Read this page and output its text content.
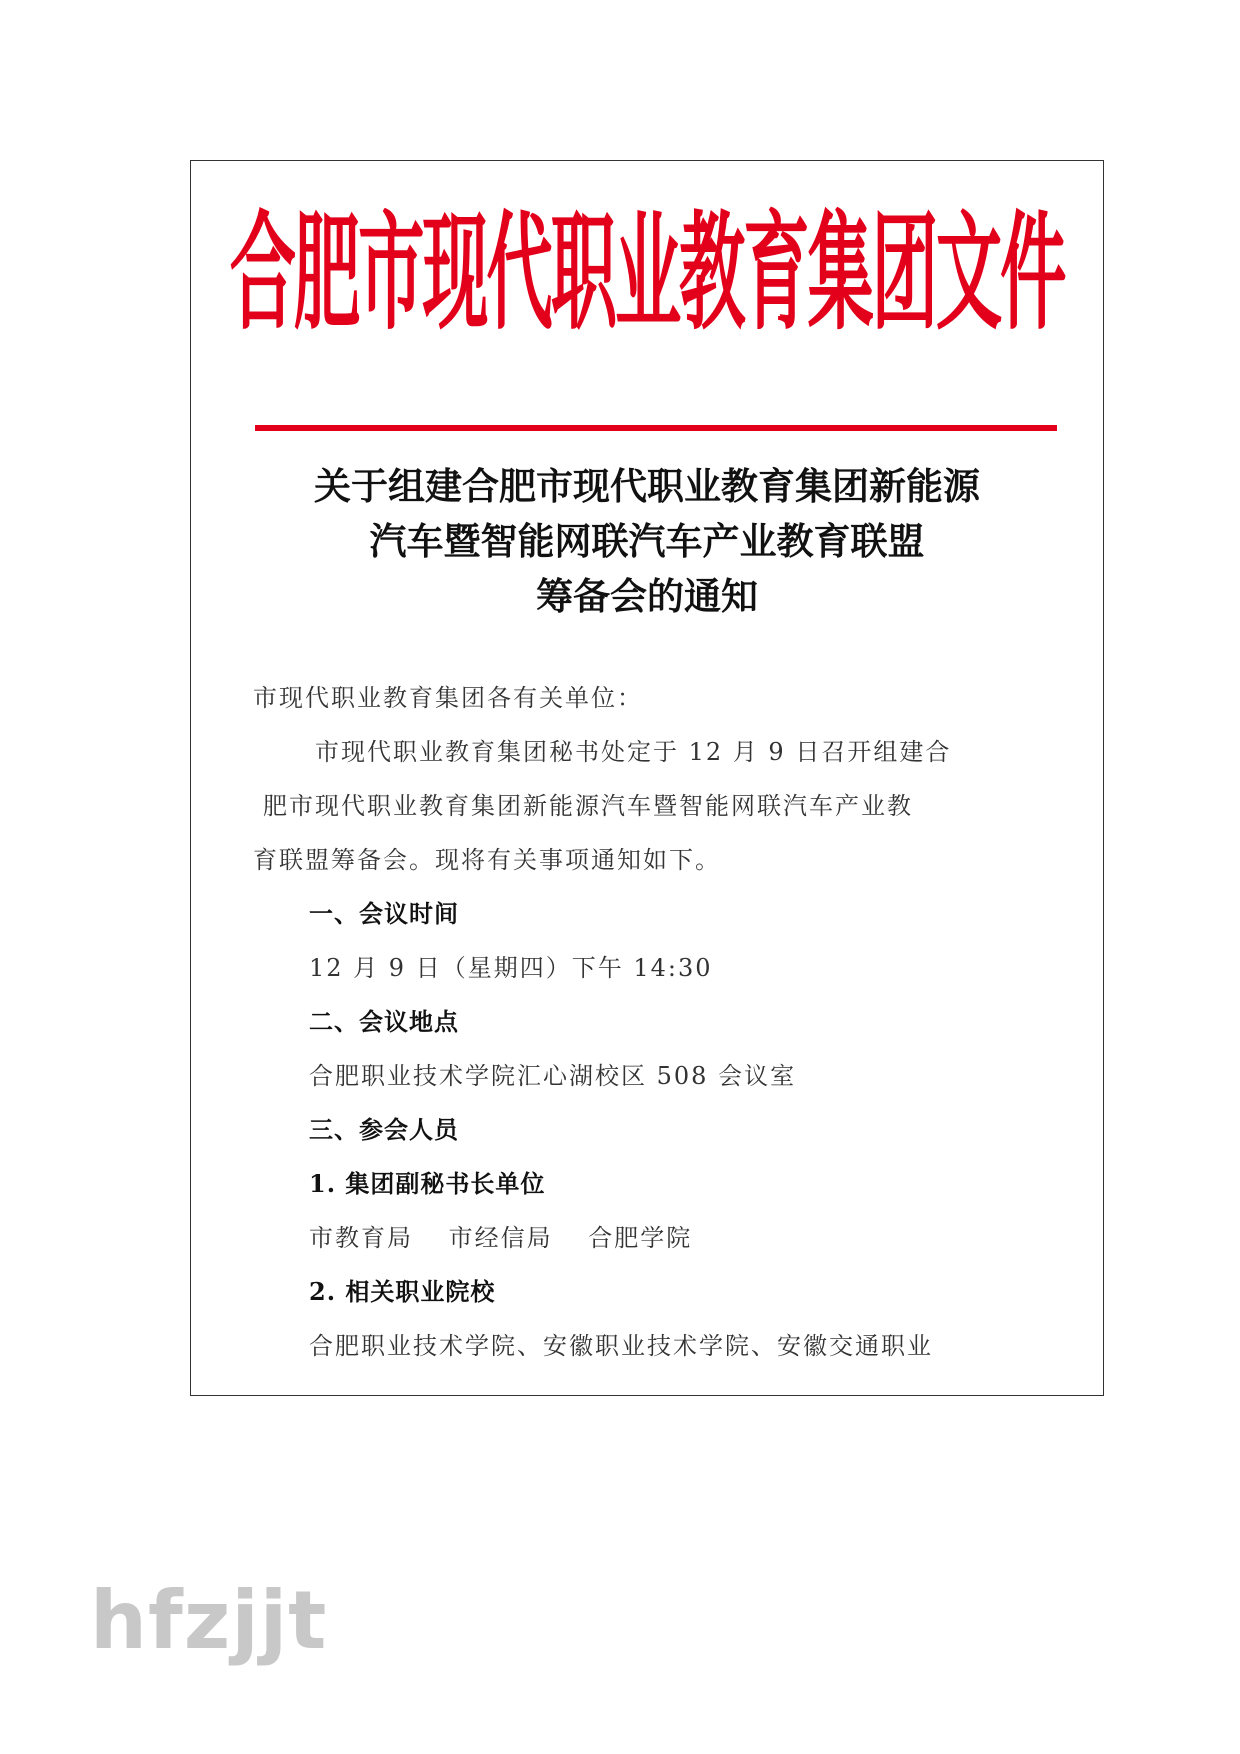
合肥市现代职业教育集团文件
关于组建合肥市现代职业教育集团新能源
汽车暨智能网联汽车产业教育联盟
筹备会的通知

市现代职业教育集团各有关单位：

市现代职业教育集团秘书处定于 12 月 9 日召开组建合

肥市现代职业教育集团新能源汽车暨智能网联汽车产业教

育联盟筹备会。现将有关事项通知如下。

一、会议时间

12 月 9 日（星期四）下午 14:30

二、会议地点

合肥职业技术学院汇心湖校区 508 会议室

三、参会人员

1. 集团副秘书长单位

市教育局　 市经信局　 合肥学院

2. 相关职业院校

合肥职业技术学院、安徽职业技术学院、安徽交通职业

hfzjjt
